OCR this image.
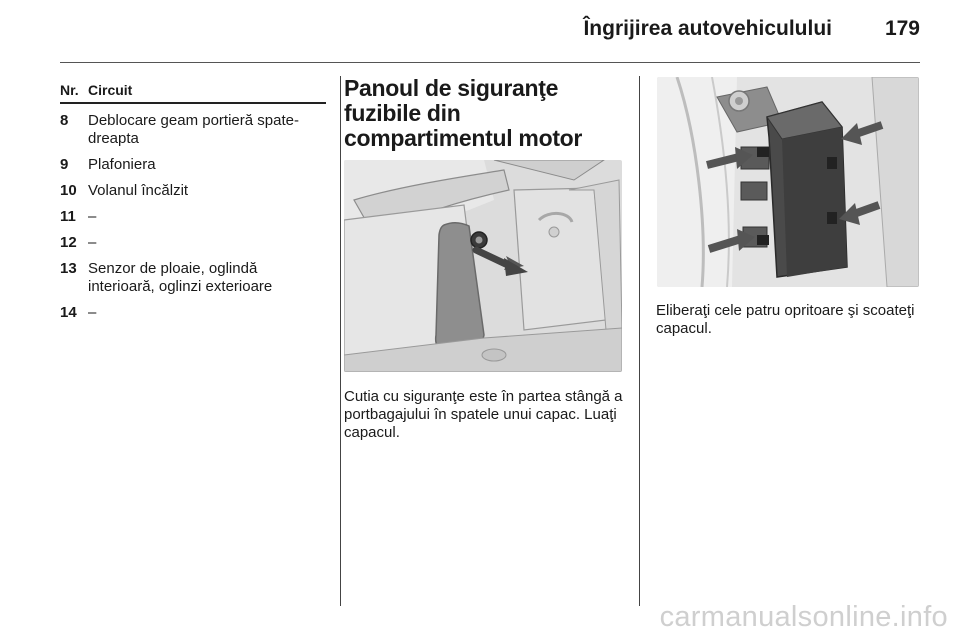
Îngrijirea autovehiculului	179
Nr. Circuit
8	Deblocare geam portieră spate-dreapta
9	Plafoniera
10 Volanul încălzit
11 –
12 –
13 Senzor de ploaie, oglindă interioară, oglinzi exterioare
14 –
Panoul de siguranţe fuzibile din compartimentul motor
Cutia cu siguranţe este în partea stângă a portbagajului în spatele unui capac. Luaţi capacul.
Eliberaţi cele patru opritoare şi scoateţi capacul.
carmanualsonline.info
